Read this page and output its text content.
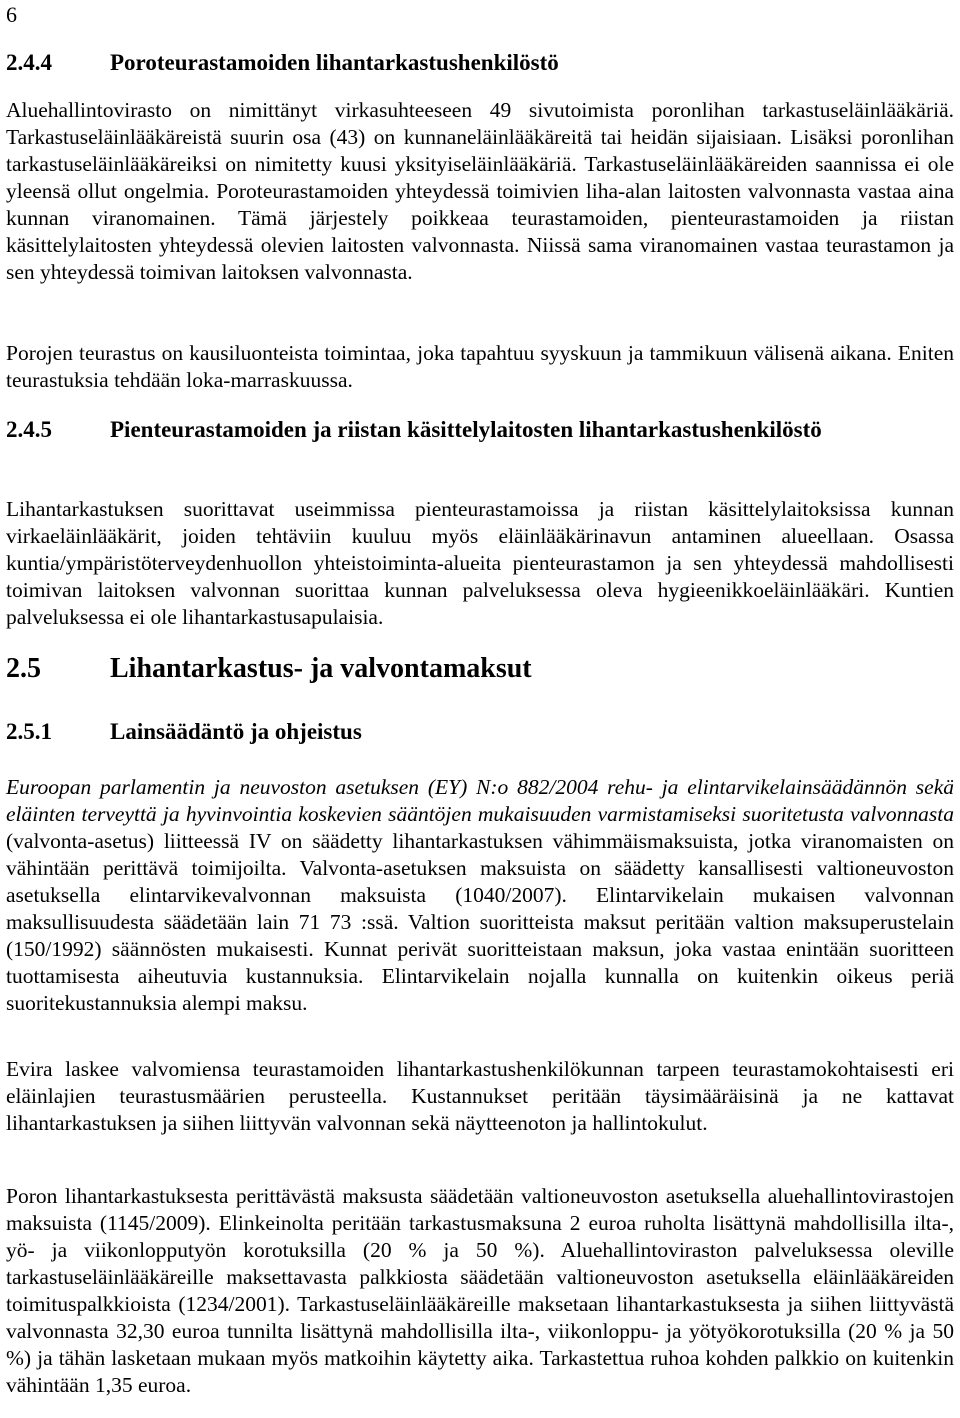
6
2.4.4	Poroteurastamoiden lihantarkastushenkilöstö

Aluehallintovirasto on nimittänyt virkasuhteeseen 49 sivutoimista poronlihan tarkastuseläinlääkäriä. Tarkastuseläinlääkäreistä suurin osa (43) on kunnaneläinlääkäreitä tai heidän sijaisiaan. Lisäksi poronlihan tarkastuseläinlääkäreiksi on nimitetty kuusi yksityiseläinlääkäriä. Tarkastuseläinlääkäreiden saannissa ei ole yleensä ollut ongelmia. Poroteurastamoiden yhteydessä toimivien liha-alan laitosten valvonnasta vastaa aina kunnan viranomainen. Tämä järjestely poikkeaa teurastamoiden, pienteurastamoiden ja riistan käsittelylaitosten yhteydessä olevien laitosten valvonnasta. Niissä sama viranomainen vastaa teurastamon ja sen yhteydessä toimivan laitoksen valvonnasta.

Porojen teurastus on kausiluonteista toimintaa, joka tapahtuu syyskuun ja tammikuun välisenä aikana. Eniten teurastuksia tehdään loka-marraskuussa.

2.4.5	Pienteurastamoiden ja riistan käsittelylaitosten lihantarkastushenkilöstö

Lihantarkastuksen suorittavat useimmissa pienteurastamoissa ja riistan käsittelylaitoksissa kunnan virkaeläinlääkärit, joiden tehtäviin kuuluu myös eläinlääkärinavun antaminen alueellaan. Osassa kuntia/ympäristöterveydenhuollon yhteistoiminta-alueita pienteurastamon ja sen yhteydessä mahdollisesti toimivan laitoksen valvonnan suorittaa kunnan palveluksessa oleva hygieenikkoeläinlääkäri. Kuntien palveluksessa ei ole lihantarkastusapulaisia.

2.5	Lihantarkastus- ja valvontamaksut
2.5.1	Lainsäädäntö ja ohjeistus

Euroopan parlamentin ja neuvoston asetuksen (EY) N:o 882/2004 rehu- ja elintarvikelainsäädännön sekä eläinten terveyttä ja hyvinvointia koskevien sääntöjen mukaisuuden varmistamiseksi suoritetusta valvonnasta (valvonta-asetus) liitteessä IV on säädetty lihantarkastuksen vähimmäismaksuista, jotka viranomaisten on vähintään perittävä toimijoilta. Valvonta-asetuksen maksuista on säädetty kansallisesti valtioneuvoston asetuksella elintarvikevalvonnan maksuista (1040/2007). Elintarvikelain mukaisen valvonnan maksullisuudesta säädetään lain 71 73 :ssä. Valtion suoritteista maksut peritään valtion maksuperustelain (150/1992) säännösten mukaisesti. Kunnat perivät suoritteistaan maksun, joka vastaa enintään suoritteen tuottamisesta aiheutuvia kustannuksia. Elintarvikelain nojalla kunnalla on kuitenkin oikeus periä suoritekustannuksia alempi maksu.

Evira laskee valvomiensa teurastamoiden lihantarkastushenkilökunnan tarpeen teurastamokohtaisesti eri eläinlajien teurastusmäärien perusteella. Kustannukset peritään täysimääräisinä ja ne kattavat lihantarkastuksen ja siihen liittyvän valvonnan sekä näytteenoton ja hallintokulut.

Poron lihantarkastuksesta perittävästä maksusta säädetään valtioneuvoston asetuksella aluehallintovirastojen maksuista (1145/2009). Elinkeinolta peritään tarkastusmaksuna 2 euroa ruholta lisättynä mahdollisilla ilta-, yö- ja viikonlopputyön korotuksilla (20 % ja 50 %). Aluehallintoviraston palveluksessa oleville tarkastuseläinlääkäreille maksettavasta palkkiosta säädetään valtioneuvoston asetuksella eläinlääkäreiden toimituspalkkioista (1234/2001). Tarkastuseläinlääkäreille maksetaan lihantarkastuksesta ja siihen liittyvästä valvonnasta 32,30 euroa tunnilta lisättynä mahdollisilla ilta-, viikonloppu- ja yötyökorotuksilla (20 % ja 50 %) ja tähän lasketaan mukaan myös matkoihin käytetty aika. Tarkastettua ruhoa kohden palkkio on kuitenkin vähintään 1,35 euroa.
